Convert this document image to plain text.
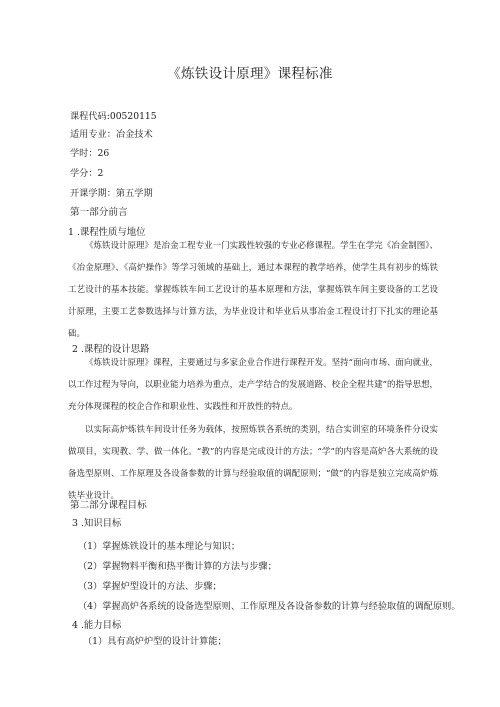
《炼铁设计原理》课程标准
课程代码:00520115
适用专业：冶金技术
学时：26
学分：2
开课学期：第五学期
第一部分前言
1 .课程性质与地位
《炼铁设计原理》是冶金工程专业一门实践性较强的专业必修课程。学生在学完《冶金制图》、《冶金原理》、《高炉操作》等学习领域的基础上，通过本课程的教学培养，使学生具有初步的炼铁工艺设计的基本技能。掌握炼铁车间工艺设计的基本原理和方法，掌握炼铁车间主要设备的工艺设计原理，主要工艺参数选择与计算方法，为毕业设计和毕业后从事冶金工程设计打下扎实的理论基础。
2 .课程的设计思路
《炼铁设计原理》课程，主要通过与多家企业合作进行课程开发。坚持“面向市场、面向就业，以工作过程为导向，以职业能力培养为重点，走产学结合的发展道路、校企全程共建”的指导思想，充分体现课程的校企合作和职业性、实践性和开放性的特点。
以实际高炉炼铁车间设计任务为载体，按照炼铁各系统的类别，结合实训室的环境条件分设实做项目，实现教、学、做一体化。“教”的内容是完成设计的方法；“学”的内容是高炉各大系统的设备选型原则、工作原理及各设备参数的计算与经验取值的调配原则；“做”的内容是独立完成高炉炼铁毕业设计。
第二部分课程目标
3 .知识目标
（1）掌握炼铁设计的基本理论与知识；
（2）掌握物料平衡和热平衡计算的方法与步骤；
（3）掌握炉型设计的方法、步骤；
（4）掌握高炉各系统的设备选型原则、工作原理及各设备参数的计算与经验取值的调配原则。
4 .能力目标
（1）具有高炉炉型的设计计算能；
